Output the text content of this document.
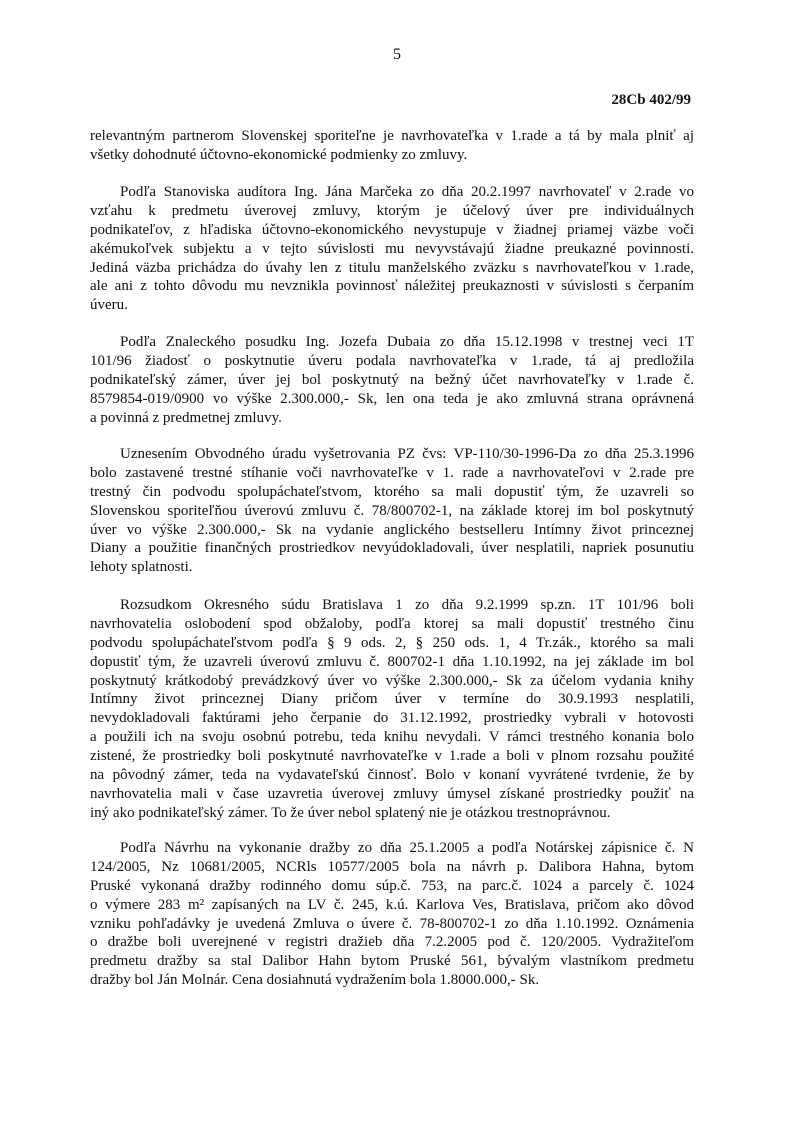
5
28Cb 402/99
relevantným partnerom Slovenskej sporiteľne je navrhovateľka v 1.rade a tá by mala plniť aj
všetky dohodnuté účtovno-ekonomické podmienky zo zmluvy.
Podľa Stanoviska audítora Ing. Jána Marčeka zo dňa 20.2.1997 navrhovateľ v 2.rade vo
vzťahu k predmetu úverovej zmluvy, ktorým je účelový úver pre individuálnych
podnikateľov, z hľadiska účtovno-ekonomického nevystupuje v žiadnej priamej väzbe voči
akémukoľvek subjektu a v tejto súvislosti mu nevyvstávajú žiadne preukazné povinnosti.
Jediná väzba prichádza do úvahy len z titulu manželského zväzku s navrhovateľkou v 1.rade,
ale ani z tohto dôvodu mu nevznikla povinnosť náležitej preukaznosti v súvislosti s čerpaním
úveru.
Podľa Znaleckého posudku Ing. Jozefa Dubaia zo dňa 15.12.1998 v trestnej veci 1T
101/96 žiadosť o poskytnutie úveru podala navrhovateľka v 1.rade, tá aj predložila
podnikateľský zámer, úver jej bol poskytnutý na bežný účet navrhovateľky v 1.rade č.
8579854-019/0900 vo výške 2.300.000,- Sk, len ona teda je ako zmluvná strana oprávnená
a povinná z predmetnej zmluvy.
Uznesením Obvodného úradu vyšetrovania PZ čvs: VP-110/30-1996-Da zo dňa 25.3.1996
bolo zastavené trestné stíhanie voči navrhovateľke v 1. rade a navrhovateľovi v 2.rade pre
trestný čin podvodu spolupáchateľstvom, ktorého sa mali dopustiť tým, že uzavreli so
Slovenskou sporiteľňou úverovú zmluvu č. 78/800702-1, na základe ktorej im bol poskytnutý
úver vo výške 2.300.000,- Sk na vydanie anglického bestselleru Intímny život princeznej
Diany a použitie finančných prostriedkov nevyúdokladovali, úver nesplatili, napriek posunutiu
lehoty splatnosti.
Rozsudkom Okresného súdu Bratislava 1 zo dňa 9.2.1999 sp.zn. 1T 101/96 boli
navrhovatelia oslobodení spod obžaloby, podľa ktorej sa mali dopustiť trestného činu
podvodu spolupáchateľstvom podľa § 9 ods. 2, § 250 ods. 1, 4 Tr.zák., ktorého sa mali
dopustiť tým, že uzavreli úverovú zmluvu č. 800702-1 dňa 1.10.1992, na jej základe im bol
poskytnutý krátkodobý prevádzkový úver vo výške 2.300.000,- Sk za účelom vydania knihy
Intímny život princeznej Diany pričom úver v termíne do 30.9.1993 nesplatili,
nevydokladovali faktúrami jeho čerpanie do 31.12.1992, prostriedky vybrali v hotovosti
a použili ich na svoju osobnú potrebu, teda knihu nevydali. V rámci trestného konania bolo
zistené, že prostriedky boli poskytnuté navrhovateľke v 1.rade a boli v plnom rozsahu použité
na pôvodný zámer, teda na vydavateľskú činnosť. Bolo v konaní vyvrátené tvrdenie, že by
navrhovatelia mali v čase uzavretia úverovej zmluvy úmysel získané prostriedky použiť na
iný ako podnikateľský zámer. To že úver nebol splatený nie je otázkou trestnoprávnou.
Podľa Návrhu na vykonanie dražby zo dňa 25.1.2005 a podľa Notárskej zápisnice č. N
124/2005, Nz 10681/2005, NCRls 10577/2005 bola na návrh p. Dalibora Hahna, bytom
Pruské vykonaná dražby rodinného domu súp.č. 753, na parc.č. 1024 a parcely č. 1024
o výmere 283 m² zapísaných na LV č. 245, k.ú. Karlova Ves, Bratislava, pričom ako dôvod
vzniku pohľadávky je uvedená Zmluva o úvere č. 78-800702-1 zo dňa 1.10.1992. Oznámenia
o dražbe boli uverejnené v registri dražieb dňa 7.2.2005 pod č. 120/2005. Vydražiteľom
predmetu dražby sa stal Dalibor Hahn bytom Pruské 561, bývalým vlastníkom predmetu
dražby bol Ján Molnár. Cena dosiahnutá vydražením bola 1.8000.000,- Sk.
